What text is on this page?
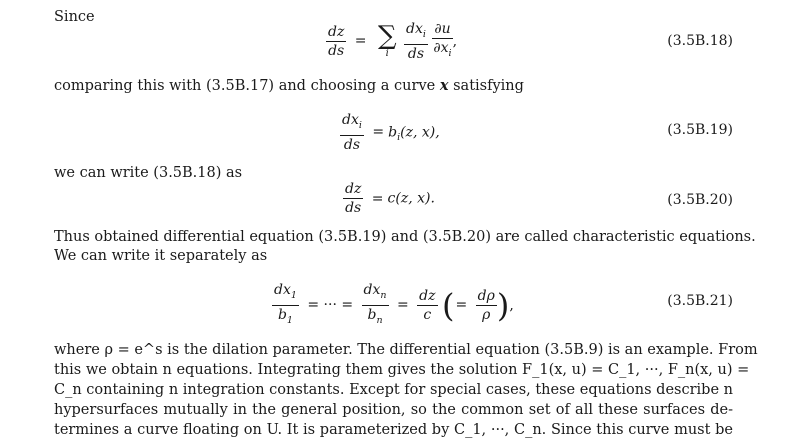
Since
$\frac{dz}{ds}$ = ∑
i
$\frac{dx_i}{ds}$
$\frac{\partial u}{\partial x_i}$ ,	(3.5B.18)
comparing this with (3.5B.17) and choosing a curve x satisfying
$\frac{dx_i}{ds} = b_i(z$, x),	(3.5B.19)
we can write (3.5B.18) as
$\frac{dz}{ds} = c(z$, x).	(3.5B.20)
Thus obtained differential equation (3.5B.19) and (3.5B.20) are called characteristic equations.
We can write it separately as
$\frac{dx_1}{b_1}$ = ··· = $\frac{dx_n}{b_n} = \frac{dz}{c}$ (= $\frac{d\rho}{\rho}$ ),	(3.5B.21)
where ρ = e^s is the dilation parameter. The differential equation (3.5B.9) is an example. From
this we obtain n equations. Integrating them gives the solution F_1(x, u) = C_1, ···, F_n(x, u) =
C_n containing n integration constants. Except for special cases, these equations describe n
hypersurfaces mutually in the general position, so the common set of all these surfaces de-
termines a curve floating on U. It is parameterized by C_1, ···, C_n. Since this curve must be
